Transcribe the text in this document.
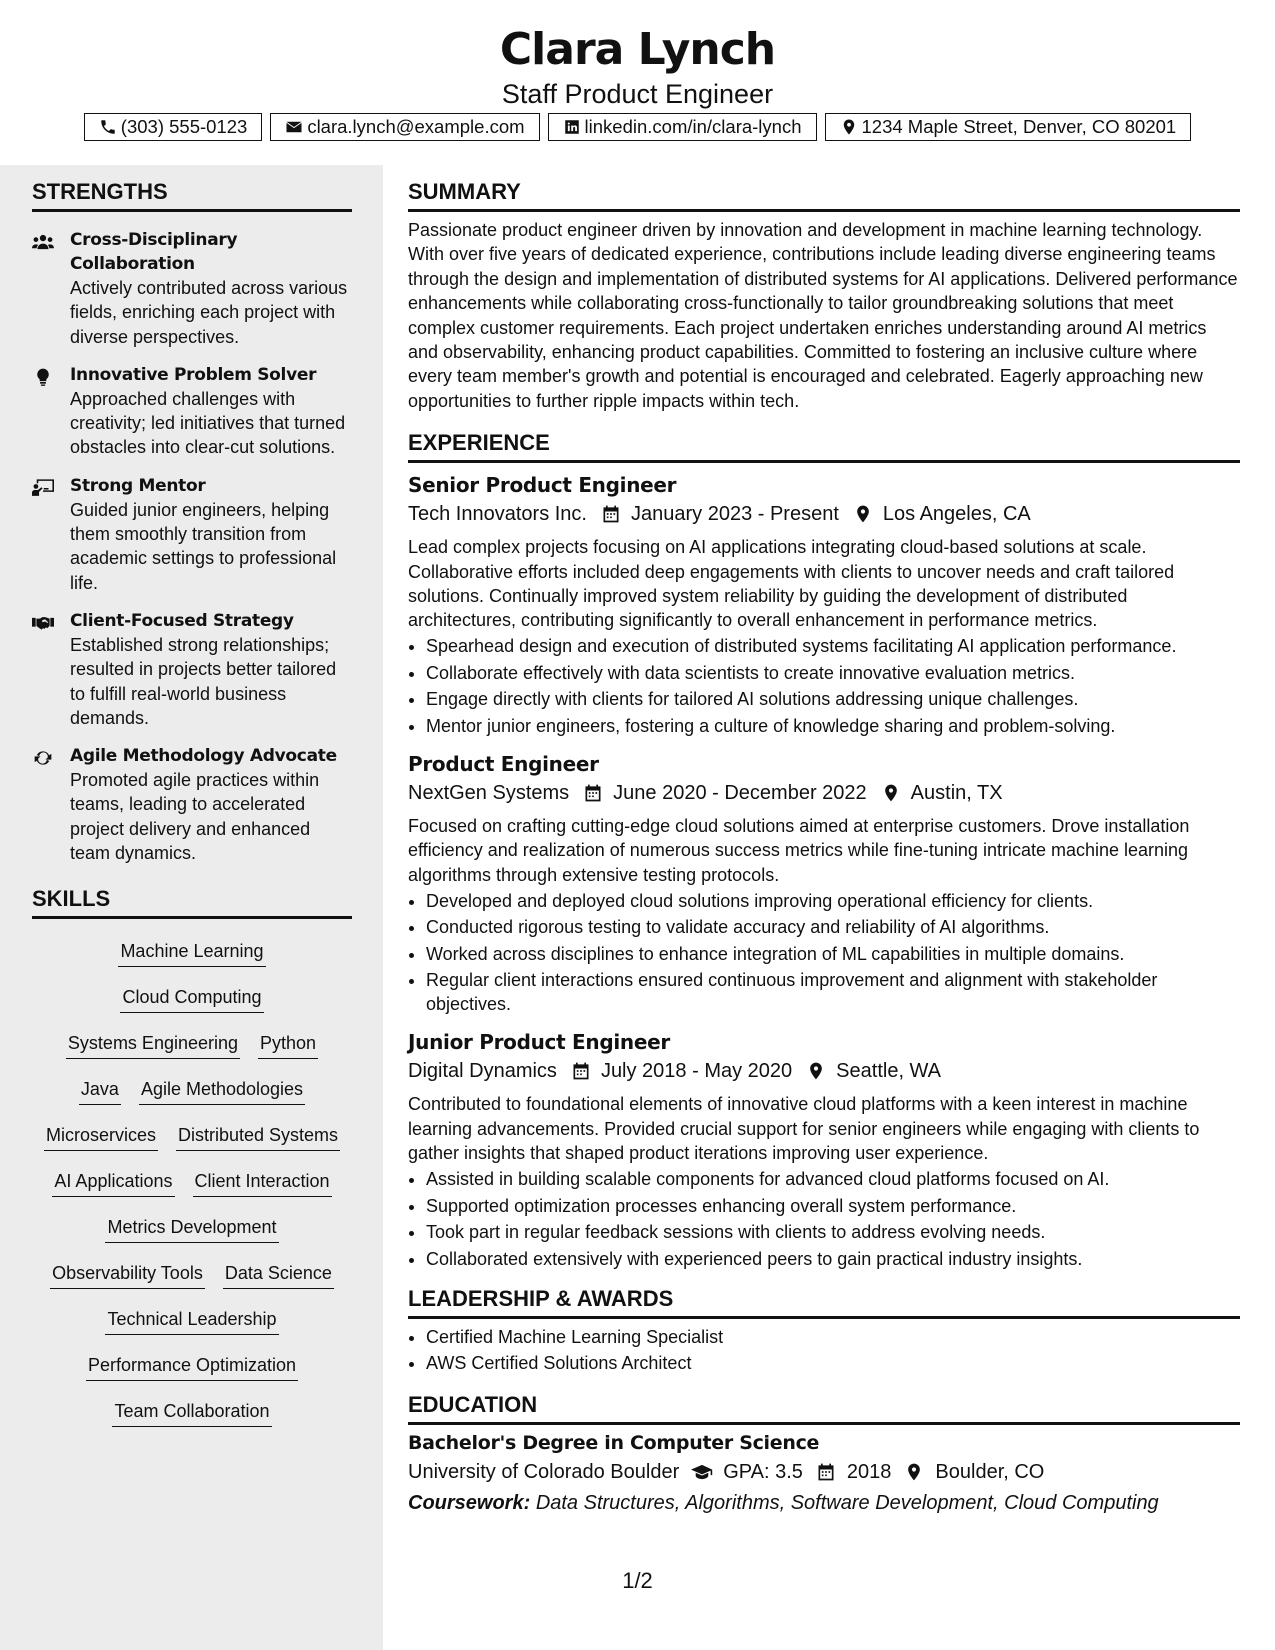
Clara Lynch
Staff Product Engineer
(303) 555-0123	clara.lynch@example.com	linkedin.com/in/clara-lynch	1234 Maple Street, Denver, CO 80201
STRENGTHS
Cross-Disciplinary Collaboration
Actively contributed across various fields, enriching each project with diverse perspectives.
Innovative Problem Solver
Approached challenges with creativity; led initiatives that turned obstacles into clear-cut solutions.
Strong Mentor
Guided junior engineers, helping them smoothly transition from academic settings to professional life.
Client-Focused Strategy
Established strong relationships; resulted in projects better tailored to fulfill real-world business demands.
Agile Methodology Advocate
Promoted agile practices within teams, leading to accelerated project delivery and enhanced team dynamics.
SKILLS
Machine Learning
Cloud Computing
Systems Engineering Python
Java Agile Methodologies
Microservices Distributed Systems
AI Applications Client Interaction
Metrics Development
Observability Tools Data Science
Technical Leadership
Performance Optimization
Team Collaboration
SUMMARY

Passionate product engineer driven by innovation and development in machine learning technology. With over five years of dedicated experience, contributions include leading diverse engineering teams through the design and implementation of distributed systems for AI applications. Delivered performance enhancements while collaborating cross-functionally to tailor groundbreaking solutions that meet complex customer requirements. Each project undertaken enriches understanding around AI metrics and observability, enhancing product capabilities. Committed to fostering an inclusive culture where every team member's growth and potential is encouraged and celebrated. Eagerly approaching new opportunities to further ripple impacts within tech.

EXPERIENCE
Senior Product Engineer
Tech Innovators Inc. January 2023 - Present Los Angeles, CA

Lead complex projects focusing on AI applications integrating cloud-based solutions at scale. Collaborative efforts included deep engagements with clients to uncover needs and craft tailored solutions. Continually improved system reliability by guiding the development of distributed architectures, contributing significantly to overall enhancement in performance metrics.

• Spearhead design and execution of distributed systems facilitating AI application performance.
• Collaborate effectively with data scientists to create innovative evaluation metrics.
• Engage directly with clients for tailored AI solutions addressing unique challenges.
• Mentor junior engineers, fostering a culture of knowledge sharing and problem-solving.
Product Engineer
NextGen Systems June 2020 - December 2022 Austin, TX

Focused on crafting cutting-edge cloud solutions aimed at enterprise customers. Drove installation efficiency and realization of numerous success metrics while fine-tuning intricate machine learning algorithms through extensive testing protocols.

• Developed and deployed cloud solutions improving operational efficiency for clients.
• Conducted rigorous testing to validate accuracy and reliability of AI algorithms.
• Worked across disciplines to enhance integration of ML capabilities in multiple domains.
• Regular client interactions ensured continuous improvement and alignment with stakeholder objectives.
Junior Product Engineer
Digital Dynamics July 2018 - May 2020 Seattle, WA

Contributed to foundational elements of innovative cloud platforms with a keen interest in machine learning advancements. Provided crucial support for senior engineers while engaging with clients to gather insights that shaped product iterations improving user experience.

• Assisted in building scalable components for advanced cloud platforms focused on AI.
• Supported optimization processes enhancing overall system performance.
• Took part in regular feedback sessions with clients to address evolving needs.
• Collaborated extensively with experienced peers to gain practical industry insights.
LEADERSHIP & AWARDS
• Certified Machine Learning Specialist
• AWS Certified Solutions Architect
EDUCATION
Bachelor's Degree in Computer Science
University of Colorado Boulder GPA: 3.5 2018 Boulder, CO
Coursework: Data Structures, Algorithms, Software Development, Cloud Computing
1/2
